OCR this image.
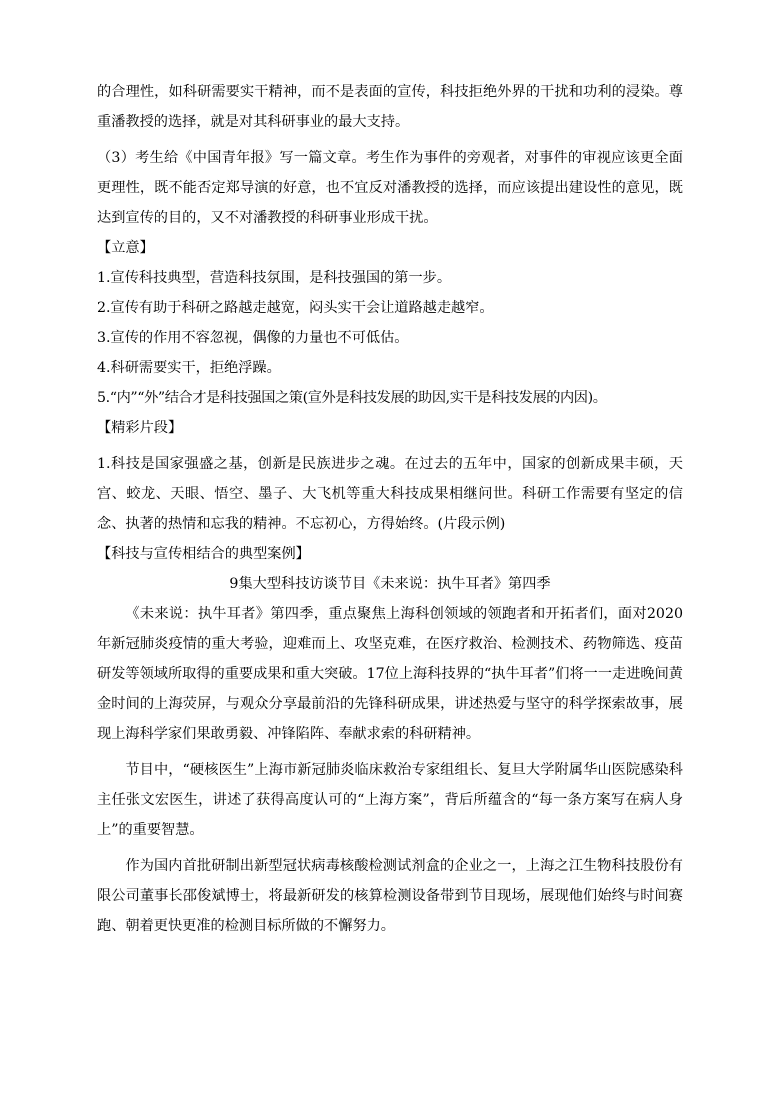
的合理性，如科研需要实干精神，而不是表面的宣传，科技拒绝外界的干扰和功利的浸染。尊重潘教授的选择，就是对其科研事业的最大支持。

（3）考生给《中国青年报》写一篇文章。考生作为事件的旁观者，对事件的审视应该更全面更理性，既不能否定郑导演的好意，也不宜反对潘教授的选择，而应该提出建设性的意见，既达到宣传的目的，又不对潘教授的科研事业形成干扰。

【立意】

1.宣传科技典型，营造科技氛围，是科技强国的第一步。

2.宣传有助于科研之路越走越宽，闷头实干会让道路越走越窄。

3.宣传的作用不容忽视，偶像的力量也不可低估。

4.科研需要实干，拒绝浮躁。

5.“内”“外”结合才是科技强国之策(宣外是科技发展的助因,实干是科技发展的内因)。

【精彩片段】

1.科技是国家强盛之基，创新是民族进步之魂。在过去的五年中，国家的创新成果丰硕，天宫、蛟龙、天眼、悟空、墨子、大飞机等重大科技成果相继问世。科研工作需要有坚定的信念、执著的热情和忘我的精神。不忘初心，方得始终。(片段示例)

【科技与宣传相结合的典型案例】

9集大型科技访谈节目《未来说：执牛耳者》第四季

《未来说：执牛耳者》第四季，重点聚焦上海科创领域的领跑者和开拓者们，面对2020年新冠肺炎疫情的重大考验，迎难而上、攻坚克难，在医疗救治、检测技术、药物筛选、疫苗研发等领域所取得的重要成果和重大突破。17位上海科技界的“执牛耳者”们将一一走进晚间黄金时间的上海荧屏，与观众分享最前沿的先锋科研成果，讲述热爱与坚守的科学探索故事，展现上海科学家们果敢勇毅、冲锋陷阵、奉献求索的科研精神。

节目中，“硬核医生”上海市新冠肺炎临床救治专家组组长、复旦大学附属华山医院感染科主任张文宏医生，讲述了获得高度认可的“上海方案”，背后所蕴含的“每一条方案写在病人身上”的重要智慧。

作为国内首批研制出新型冠状病毒核酸检测试剂盒的企业之一，上海之江生物科技股份有限公司董事长邵俊斌博士，将最新研发的核算检测设备带到节目现场，展现他们始终与时间赛跑、朝着更快更准的检测目标所做的不懈努力。
